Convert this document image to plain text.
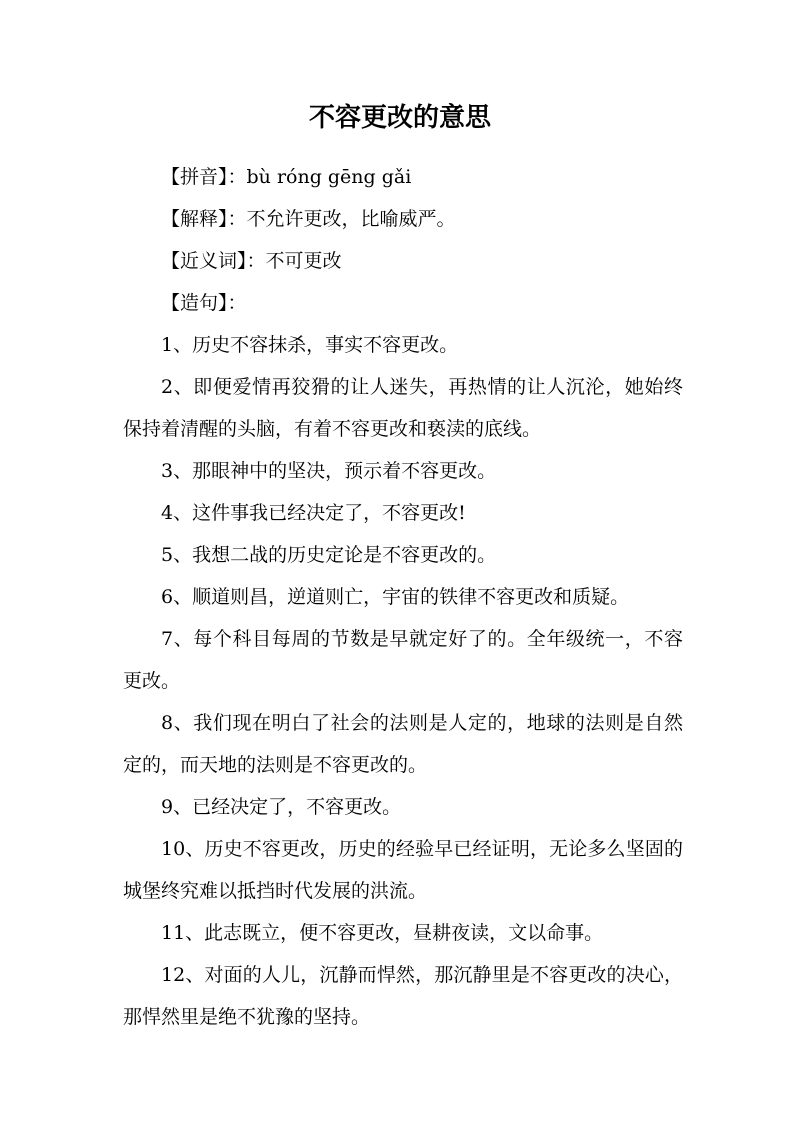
不容更改的意思

【拼音】：bù róng gēng gǎi

【解释】：不允许更改，比喻威严。

【近义词】：不可更改

【造句】：

1、历史不容抹杀，事实不容更改。

2、即便爱情再狡猾的让人迷失，再热情的让人沉沦，她始终保持着清醒的头脑，有着不容更改和亵渎的底线。

3、那眼神中的坚决，预示着不容更改。

4、这件事我已经决定了，不容更改!

5、我想二战的历史定论是不容更改的。

6、顺道则昌，逆道则亡，宇宙的铁律不容更改和质疑。

7、每个科目每周的节数是早就定好了的。全年级统一，不容更改。

8、我们现在明白了社会的法则是人定的，地球的法则是自然定的，而天地的法则是不容更改的。

9、已经决定了，不容更改。

10、历史不容更改，历史的经验早已经证明，无论多么坚固的城堡终究难以抵挡时代发展的洪流。

11、此志既立，便不容更改，昼耕夜读，文以命事。

12、对面的人儿，沉静而悍然，那沉静里是不容更改的决心，那悍然里是绝不犹豫的坚持。
